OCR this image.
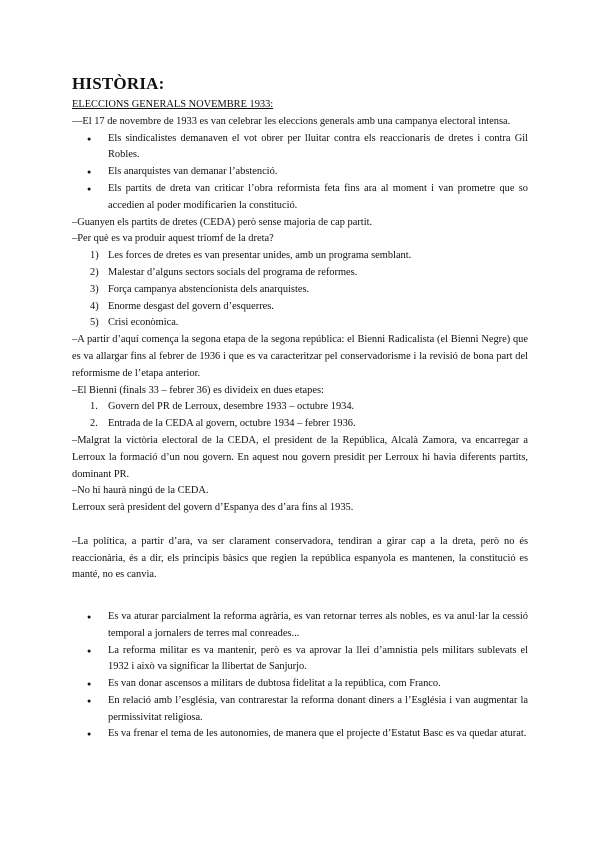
HISTÒRIA:

ELECCIONS GENERALS NOVEMBRE 1933:

—El 17 de novembre de 1933 es van celebrar les eleccions generals amb una campanya electoral intensa.

● Els sindicalistes demanaven el vot obrer per lluitar contra els reaccionaris de dretes i contra Gil Robles.
● Els anarquistes van demanar l’abstenció.
● Els partits de dreta van criticar l’obra reformista feta fins ara al moment i van prometre que so accedien al poder modificarien la constitució.

–Guanyen els partits de dretes (CEDA) però sense majoria de cap partit.

–Per què es va produir aquest triomf de la dreta?

1) Les forces de dretes es van presentar unides, amb un programa semblant.
2) Malestar d’alguns sectors socials del programa de reformes.
3) Força campanya abstencionista dels anarquistes.
4) Enorme desgast del govern d’esquerres.
5) Crisi econòmica.

–A partir d’aquí comença la segona etapa de la segona república: el Bienni Radicalista (el Bienni Negre) que es va allargar fins al febrer de 1936 i que es va caracteritzar pel conservadorisme i la revisió de bona part del reformisme de l’etapa anterior.

–El Bienni (finals 33 – febrer 36) es divideix en dues etapes:

1. Govern del PR de Lerroux, desembre 1933 – octubre 1934.
2. Entrada de la CEDA al govern, octubre 1934 – febrer 1936.

–Malgrat la victòria electoral de la CEDA, el president de la República, Alcalà Zamora, va encarregar a Lerroux la formació d’un nou govern. En aquest nou govern presidit per Lerroux hi havia diferents partits, dominant PR.

–No hi haurà ningú de la CEDA.

Lerroux serà president del govern d’Espanya des d’ara fins al 1935.

–La política, a partir d’ara, va ser clarament conservadora, tendiran a girar cap a la dreta, però no és reaccionària, és a dir, els principis bàsics que regien la república espanyola es mantenen, la constitució es manté, no es canvia.

● Es va aturar parcialment la reforma agrària, es van retornar terres als nobles, es va anul·lar la cessió temporal a jornalers de terres mal conreades...
● La reforma militar es va mantenir, però es va aprovar la llei d’amnistia pels militars sublevats el 1932 i això va significar la llibertat de Sanjurjo.
● Es van donar ascensos a militars de dubtosa fidelitat a la república, com Franco.
● En relació amb l’església, van contrarestar la reforma donant diners a l’Església i van augmentar la permissivitat religiosa.
● Es va frenar el tema de les autonomies, de manera que el projecte d’Estatut Basc es va quedar aturat.
